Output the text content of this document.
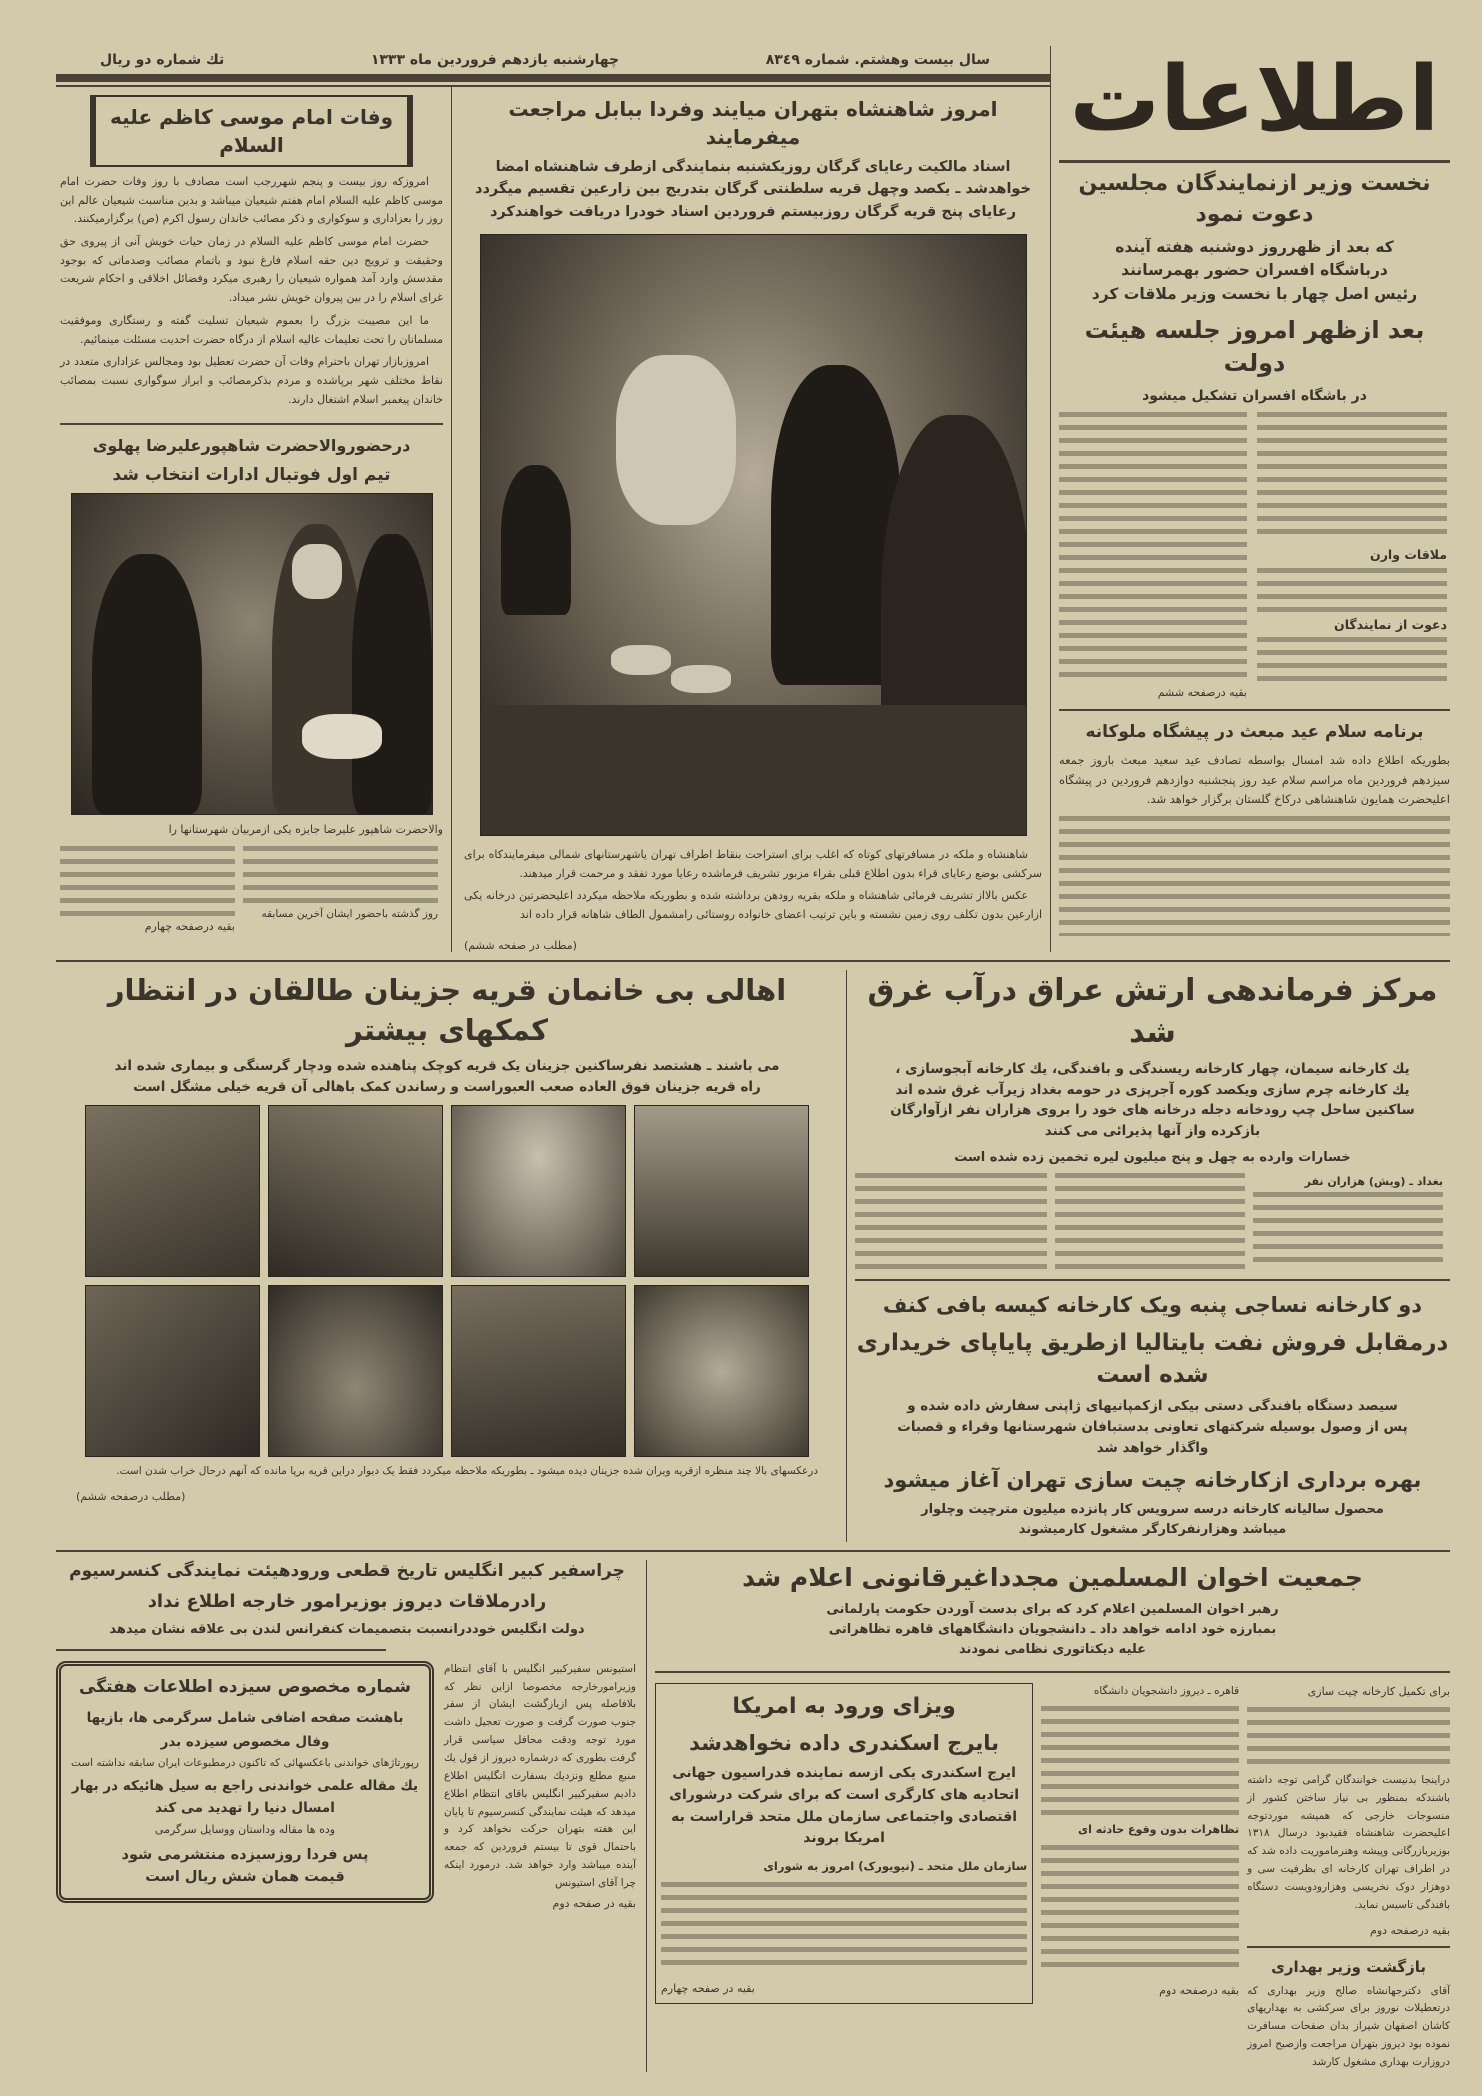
تك شماره دو ريال	چهارشنبه يازدهم فروردين ماه ١٣٣٣	سال بيست وهشتم. شماره ٨٣٤٩
وفات امام موسی کاظم علیه السلام

امروزکه روز بیست و پنجم شهررجب است مصادف با روز وفات حضرت امام موسی کاظم علیه السلام امام هفتم شیعیان میباشد و بدین مناسبت شیعیان عالم این روز را بعزاداری و سوکواری و ذکر مصائب خاندان رسول اکرم (ص) برگزارمیکنند.

حضرت امام موسی کاظم علیه السلام در زمان حیات خویش آنی از پیروی حق وحقیقت و ترویج دین حقه اسلام فارغ نبود و باتمام مصائب وصدماتی که بوجود مقدسش وارد آمد همواره شیعیان را رهبری میکرد وفضائل اخلاقی و احکام شریعت غرای اسلام را در بین پیروان خویش نشر میداد.

ما این مصیبت بزرگ را بعموم شیعیان تسلیت گفته و رستگاری وموفقیت مسلمانان را تحت تعلیمات عالیه اسلام از درگاه حضرت احدیت مسئلت مینمائیم.

امروزبازار تهران باحترام وفات آن حضرت تعطیل بود ومجالس عزاداری متعدد در نقاط مختلف شهر برپاشده و مردم بذکرمصائب و ابراز سوگواری نسبت بمصائب خاندان پیغمبر اسلام اشتغال دارند.

درحضوروالاحضرت شاهپورعلیرضا پهلوی
تیم اول فوتبال ادارات انتخاب شد
والاحضرت شاهپور علیرضا جایزه یکی ازمربیان شهرستانها را
بقیه درصفحه چهارم
روز گذشته باحضور ایشان آخرین مسابقه
امروز شاهنشاه بتهران میایند وفردا ببابل مراجعت میفرمایند
اسناد مالکیت رعایای گرگان روزیکشنبه بنمایندگی ازطرف شاهنشاه امضا
خواهدشد ـ یکصد وچهل قریه سلطنتی گرگان بتدریج بین زارعین تقسیم میگردد
رعایای پنج قریه گرگان روزبیستم فروردین اسناد خودرا دریافت خواهندکرد

شاهنشاه و ملکه در مسافرتهای کوتاه که اغلب برای استراحت بنقاط اطراف تهران یاشهرستانهای شمالی میفرمایندکاه برای سرکشی بوضع رعایای قراء بدون اطلاع قبلی بقراء مزبور تشریف فرماشده رعایا مورد تفقد و مرحمت قرار میدهند.

عکس بالااز تشریف فرمائی شاهنشاه و ملکه بقریه رودهن برداشته شده و بطوریکه ملاحظه میکردد اعلیحضرتین درخانه یکی ازارعین بدون تکلف روی زمین نشسته و باین ترتیب اعضای خانواده روستائی رامشمول الطاف شاهانه قرار داده اند

(مطلب در صفحه ششم)
اطلاعات
نخست وزیر ازنمایندگان مجلسین دعوت نمود
که بعد از ظهرروز دوشنبه هفته آینده
درباشگاه افسران حضور بهمرسانند
رئیس اصل چهار با نخست وزیر ملاقات کرد
بعد ازظهر امروز جلسه هیئت دولت
در باشگاه افسران تشکیل میشود
بقیه درصفحه ششم
ملاقات وارن
دعوت از نمایندگان
برنامه سلام عید مبعث در پیشگاه ملوکانه
بطوریکه اطلاع داده شد امسال بواسطه تصادف عید سعید مبعث باروز جمعه سیزدهم فروردین ماه مراسم سلام عید روز پنجشنبه دوازدهم فروردین در پیشگاه اعلیحضرت همایون شاهنشاهی درکاخ گلستان برگزار خواهد شد.
اهالی بی خانمان قریه جزینان طالقان در انتظار کمکهای بیشتر
می باشند ـ هشتصد نفرساکنین جزینان یک قریه کوچک پناهنده شده ودچار گرسنگی و بیماری شده اند
راه قریه جزینان فوق العاده صعب العبوراست و رساندن کمک باهالی آن قریه خیلی مشگل است
درعکسهای بالا چند منظره ازقریه ویران شده جزینان دیده میشود ـ بطوریکه ملاحظه میکردد فقط یک دیوار دراین قریه برپا مانده که آنهم درحال خراب شدن است.
(مطلب درصفحه ششم)
مرکز فرماندهی ارتش عراق درآب غرق شد
یك كارخانه سیمان، چهار كارخانه ریسندگی و بافندگی، یك كارخانه آبجوسازی ،
یك كارخانه چرم سازی ویكصد كوره آجرپزی در حومه بغداد زیرآب غرق شده اند
ساكنین ساحل چپ رودخانه دجله درخانه های خود را بروی هزاران نفر ازآوارگان
بازكرده واز آنها پذیرائی می كنند
خسارات وارده به چهل و پنج میلیون لیره تخمین زده شده است
بغداد ـ (ویش) هزاران نفر
دو کارخانه نساجی پنبه ویک کارخانه کیسه بافی کنف
درمقابل فروش نفت بایتالیا ازطریق پایاپای خریداری شده است
سیصد دستگاه بافندگی دستی بیکی ازکمپانیهای ژاپنی سفارش داده شده و
پس از وصول بوسیله شرکتهای تعاونی بدستبافان شهرستانها وقراء و قصبات
واگذار خواهد شد
بهره برداری ازکارخانه چیت سازی تهران آغاز میشود
محصول سالیانه کارخانه درسه سرویس کار پانزده میلیون مترچیت وچلوار
میباشد وهزارنفرکارگر مشغول کارمیشوند
چراسفیر کبیر انگلیس تاریخ قطعی ورودهیئت نمایندگی کنسرسیوم
رادرملاقات دیروز بوزیرامور خارجه اطلاع نداد
دولت انگلیس خوددرانسبت بتصمیمات کنفرانس لندن بی علاقه نشان میدهد
شماره مخصوص سیزده اطلاعات هفتگی
باهشت صفحه اضافی شامل سرگرمی ها، بازیها
وفال مخصوص سیزده بدر
رپورتاژهای خواندنی باعکسهائی که تاکنون درمطبوعات ایران سابقه نداشته است
یك مقاله علمی خواندنی راجع به سیل هائیکه در بهار
امسال دنیا را تهدید می کند
وده ها مقاله وداستان ووسایل سرگرمی
پس فردا روزسیزده منتشرمی شود
قیمت همان شش ریال است
استیونس سفیرکبیر انگلیس با آقای انتظام وزیرامورخارجه مخصوصا ازاین نظر که بلافاصله پس ازبازگشت ایشان از سفر جنوب صورت گرفت و صورت تعجیل داشت مورد توجه ودقت محافل سیاسی قرار گرفت بطوری که درشماره دیروز از قول یك منبع مطلع ونزدیك بسفارت انگلیس اطلاع دادیم سفیرکبیر انگلیس باقای انتظام اطلاع میدهد که هیئت نمایندگی کنسرسیوم تا پایان این هفته بتهران حرکت نخواهد کرد و باحتمال قوی تا بیستم فروردین که جمعه آینده میباشد وارد خواهد شد. درمورد اینکه چرا آقای استیونس
بقیه در صفحه دوم
جمعیت اخوان المسلمین مجدداغیرقانونی اعلام شد
رهبر اخوان المسلمین اعلام کرد که برای بدست آوردن حکومت پارلمانی
بمبارزه خود ادامه خواهد داد ـ دانشجویان دانشگاههای قاهره تظاهراتی
علیه دیکتاتوری نظامی نمودند
ویزای ورود به امریکا
بایرج اسکندری داده نخواهدشد
ایرج اسکندری یکی ازسه نماینده فدراسیون جهانی
اتحادیه های کارگری است که برای شرکت درشورای
اقتصادی واجتماعی سازمان ملل متحد قراراست به
امریکا بروند
سازمان ملل متحد ـ (نیویورک) امروز به شورای
بقیه در صفحه چهارم
قاهره ـ دیروز دانشجویان دانشگاه
تظاهرات بدون وقوع حادثه ای
بقیه درصفحه دوم
برای تکمیل کارخانه چیت سازی
دراینجا بدنیست خوانندگان گرامی توجه داشته باشندکه بمنظور بی نیاز ساختن کشور از منسوجات خارجی که همیشه موردتوجه اعلیحضرت شاهنشاه فقیدبود درسال ١٣١٨ بوزیربازرگانی وپیشه وهنرماموریت داده شد که در اطراف تهران کارخانه ای بظرفیت سی و دوهزار دوک نخریسی وهزارودویست دستگاه بافندگی تاسیس نماید.
بقیه درصفحه دوم
بازگشت وزیر بهداری
آقای دکترجهانشاه صالح وزیر بهداری که درتعطیلات نوروز برای سرکشی به بهداریهای کاشان اصفهان شیراز بدان صفحات مسافرت نموده بود دیروز بتهران مراجعت وازصبح امروز دروزارت بهداری مشغول کارشد
